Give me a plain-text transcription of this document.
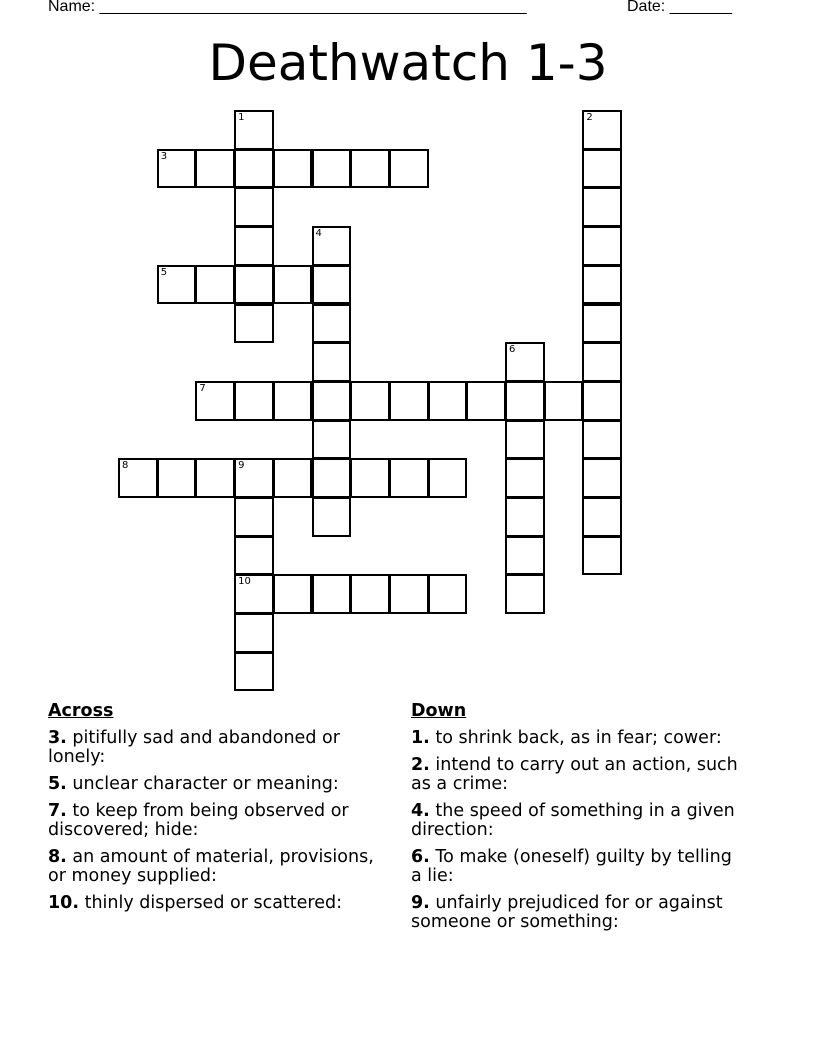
Name: ________________________________________________	Date: _______
Deathwatch 1-3
1	2
3
4
5
6
7
8	9
10
Across
3. pitifully sad and abandoned or lonely:
5. unclear character or meaning:
7. to keep from being observed or discovered; hide:
8. an amount of material, provisions, or money supplied:
10. thinly dispersed or scattered:
Down
1. to shrink back, as in fear; cower:
2. intend to carry out an action, such as a crime:
4. the speed of something in a given direction:
6. To make (oneself) guilty by telling a lie:
9. unfairly prejudiced for or against someone or something:
